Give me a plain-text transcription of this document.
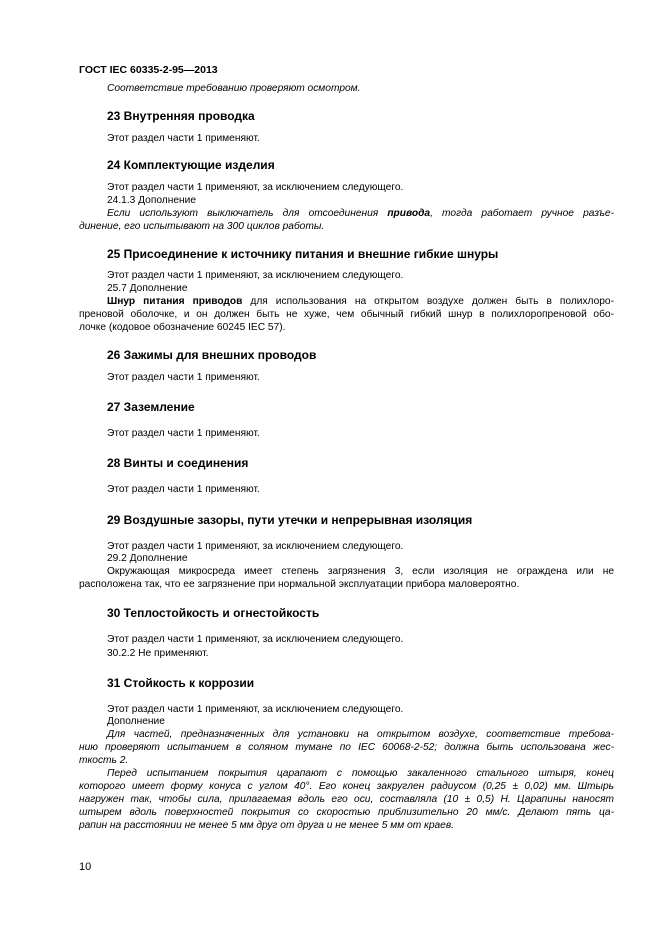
ГОСТ IEC 60335-2-95—2013
Соответствие требованию проверяют осмотром.
23 Внутренняя проводка
Этот раздел части 1 применяют.
24 Комплектующие изделия
Этот раздел части 1 применяют, за исключением следующего.
24.1.3 Дополнение
Если используют выключатель для отсоединения привода, тогда работает ручное разъе-
динение, его испытывают на 300 циклов работы.
25 Присоединение к источнику питания и внешние гибкие шнуры
Этот раздел части 1 применяют, за исключением следующего.
25.7 Дополнение
Шнур питания приводов для использования на открытом воздухе должен быть в полихлоро-
преновой оболочке, и он должен быть не хуже, чем обычный гибкий шнур в полихлоропреновой обо-
лочке (кодовое обозначение 60245 IEC 57).
26 Зажимы для внешних проводов
Этот раздел части 1 применяют.
27 Заземление
Этот раздел части 1 применяют.
28 Винты и соединения
Этот раздел части 1 применяют.
29 Воздушные зазоры, пути утечки и непрерывная изоляция
Этот раздел части 1 применяют, за исключением следующего.
29.2 Дополнение
Окружающая микросреда имеет степень загрязнения 3, если изоляция не ограждена или не
расположена так, что ее загрязнение при нормальной эксплуатации прибора маловероятно.
30 Теплостойкость и огнестойкость
Этот раздел части 1 применяют, за исключением следующего.
30.2.2 Не применяют.
31 Стойкость к коррозии
Этот раздел части 1 применяют, за исключением следующего.
Дополнение
Для частей, предназначенных для установки на открытом воздухе, соответствие требова-
нию проверяют испытанием в соляном тумане по IEC 60068-2-52; должна быть использована жес-
ткость 2.
Перед испытанием покрытия царапают с помощью закаленного стального штыря, конец
которого имеет форму конуса с углом 40°. Его конец закруглен радиусом (0,25 ± 0,02) мм. Штырь
нагружен так, чтобы сила, прилагаемая вдоль его оси, составляла (10 ± 0,5) Н. Царапины наносят
штырем вдоль поверхностей покрытия со скоростью приблизительно 20 мм/с. Делают пять ца-
рапин на расстоянии не менее 5 мм друг от друга и не менее 5 мм от краев.
10
